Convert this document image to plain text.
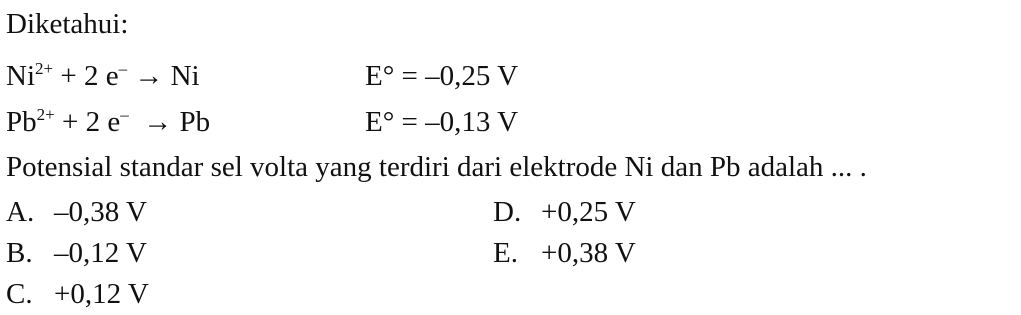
Diketahui:
$Ni^{2+} + 2$ e– → Ni	E° = –0,25 V
$Pb^{2+} + 2$ e–  → Pb	E° = –0,13 V
Potensial standar sel volta yang terdiri dari elektrode Ni dan Pb adalah ... .
A. –0,38 V
B. –0,12 V
C. +0,12 V
D. +0,25 V
E. +0,38 V
